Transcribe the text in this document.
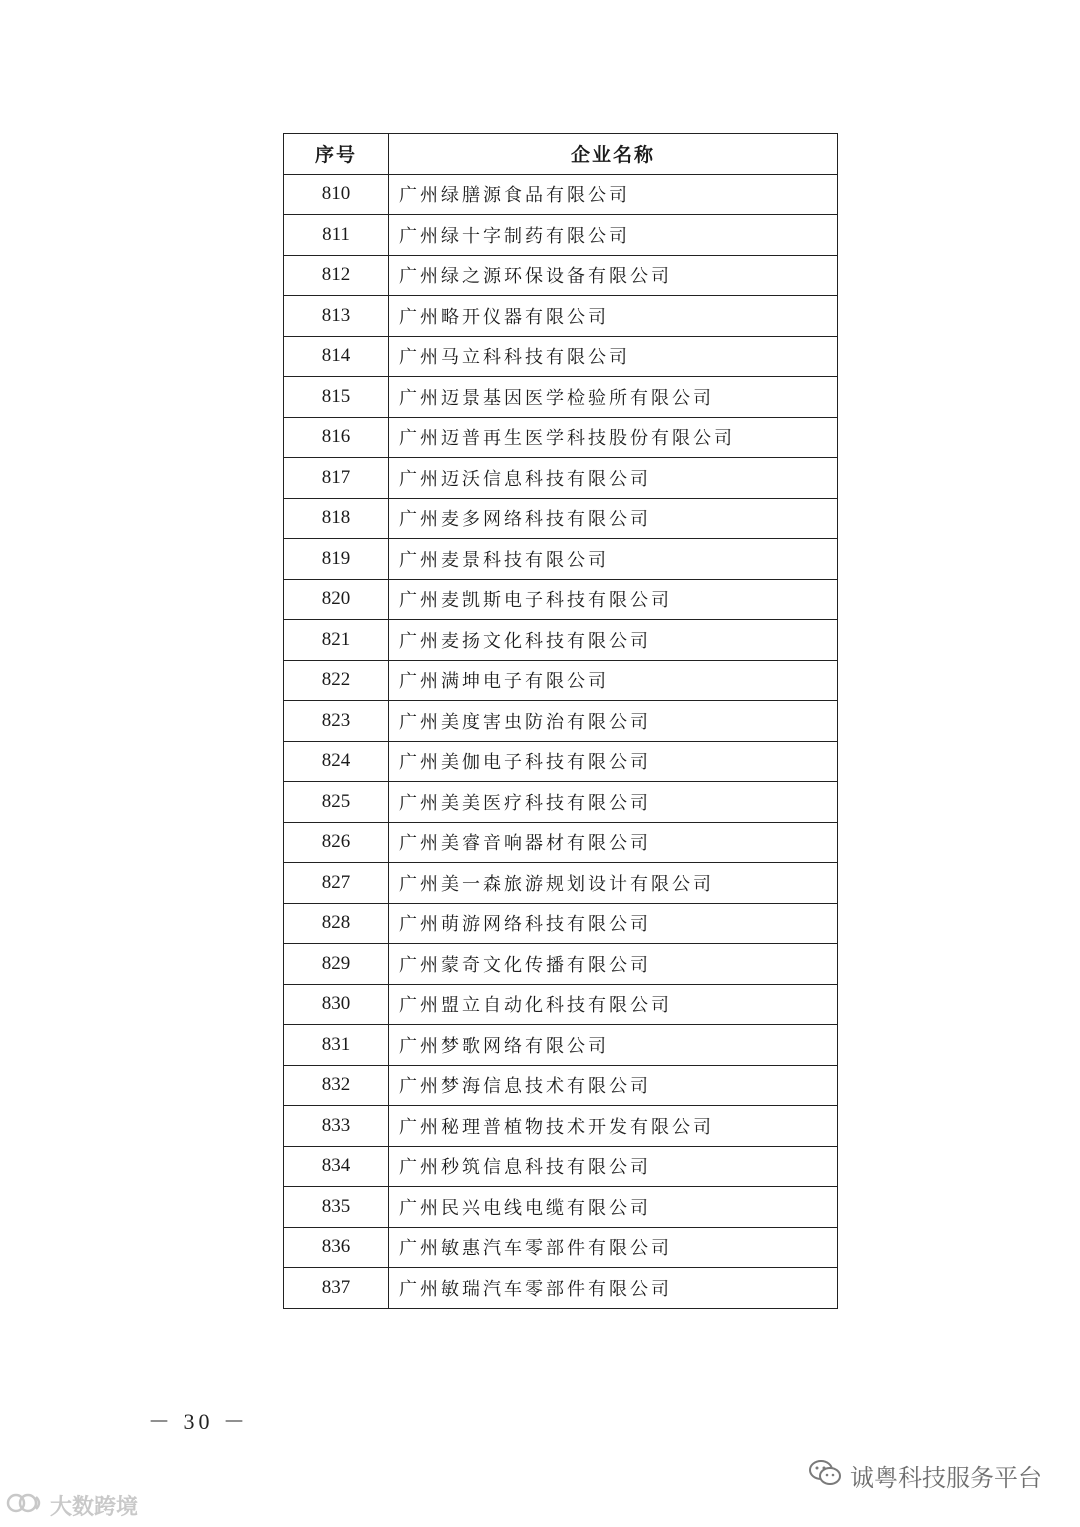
序号	企业名称
810	广州绿膳源食品有限公司
811	广州绿十字制药有限公司
812	广州绿之源环保设备有限公司
813	广州略开仪器有限公司
814	广州马立科科技有限公司
815	广州迈景基因医学检验所有限公司
816	广州迈普再生医学科技股份有限公司
817	广州迈沃信息科技有限公司
818	广州麦多网络科技有限公司
819	广州麦景科技有限公司
820	广州麦凯斯电子科技有限公司
821	广州麦扬文化科技有限公司
822	广州满坤电子有限公司
823	广州美度害虫防治有限公司
824	广州美伽电子科技有限公司
825	广州美美医疗科技有限公司
826	广州美睿音响器材有限公司
827	广州美一森旅游规划设计有限公司
828	广州萌游网络科技有限公司
829	广州蒙奇文化传播有限公司
830	广州盟立自动化科技有限公司
831	广州梦歌网络有限公司
832	广州梦海信息技术有限公司
833	广州秘理普植物技术开发有限公司
834	广州秒筑信息科技有限公司
835	广州民兴电线电缆有限公司
836	广州敏惠汽车零部件有限公司
837	广州敏瑞汽车零部件有限公司
－ 30 －
诚粤科技服务平台
大数跨境
